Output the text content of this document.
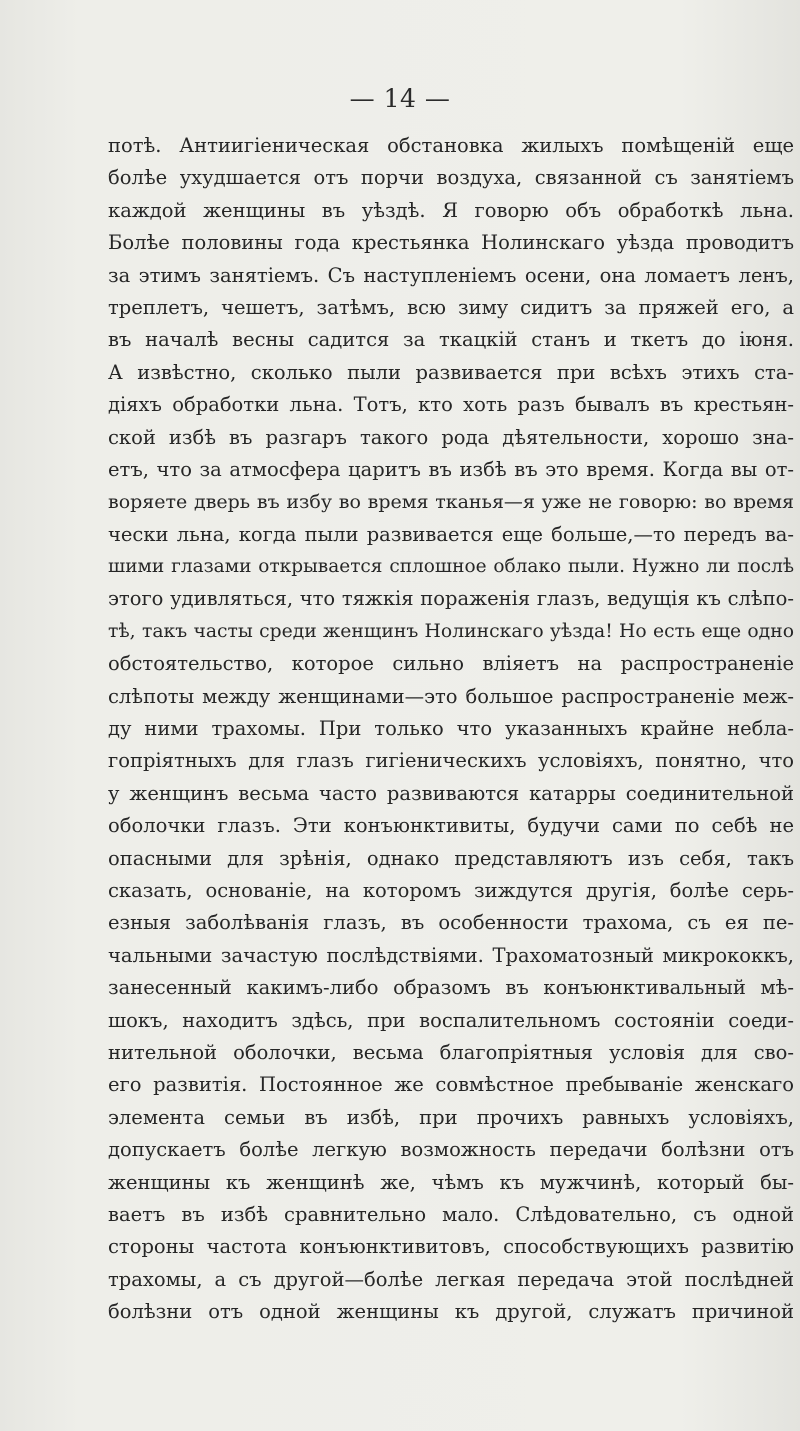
— 14 —
потѣ. Антиигіеническая обстановка жилыхъ помѣщеній еще
болѣе ухудшается отъ порчи воздуха, связанной съ занятіемъ
каждой женщины въ уѣздѣ. Я говорю объ обработкѣ льна.
Болѣе половины года крестьянка Нолинскаго уѣзда проводитъ
за этимъ занятіемъ. Съ наступленіемъ осени, она ломаетъ ленъ,
треплетъ, чешетъ, затѣмъ, всю зиму сидитъ за пряжей его, а
въ началѣ весны садится за ткацкій станъ и ткетъ до іюня.
А извѣстно, сколько пыли развивается при всѣхъ этихъ ста-
діяхъ обработки льна. Тотъ, кто хоть разъ бывалъ въ крестьян-
ской избѣ въ разгаръ такого рода дѣятельности, хорошо зна-
етъ, что за атмосфера царитъ въ избѣ въ это время. Когда вы от-
воряете дверь въ избу во время тканья—я уже не говорю: во время
чески льна, когда пыли развивается еще больше,—то передъ ва-
шими глазами открывается сплошное облако пыли. Нужно ли послѣ
этого удивляться, что тяжкія пораженія глазъ, ведущія къ слѣпо-
тѣ, такъ часты среди женщинъ Нолинскаго уѣзда! Но есть еще одно
обстоятельство, которое сильно вліяетъ на распространеніе
слѣпоты между женщинами—это большое распространеніе меж-
ду ними трахомы. При только что указанныхъ крайне небла-
гопріятныхъ для глазъ гигіеническихъ условіяхъ, понятно, что
у женщинъ весьма часто развиваются катарры соединительной
оболочки глазъ. Эти конъюнктивиты, будучи сами по себѣ не
опасными для зрѣнія, однако представляютъ изъ себя, такъ
сказать, основаніе, на которомъ зиждутся другія, болѣе серь-
езныя заболѣванія глазъ, въ особенности трахома, съ ея пе-
чальными зачастую послѣдствіями. Трахоматозный микрококкъ,
занесенный какимъ-либо образомъ въ конъюнктивальный мѣ-
шокъ, находитъ здѣсь, при воспалительномъ состояніи соеди-
нительной оболочки, весьма благопріятныя условія для сво-
его развитія. Постоянное же совмѣстное пребываніе женскаго
элемента семьи въ избѣ, при прочихъ равныхъ условіяхъ,
допускаетъ болѣе легкую возможность передачи болѣзни отъ
женщины къ женщинѣ же, чѣмъ къ мужчинѣ, который бы-
ваетъ въ избѣ сравнительно мало. Слѣдовательно, съ одной
стороны частота конъюнктивитовъ, способствующихъ развитію
трахомы, а съ другой—болѣе легкая передача этой послѣдней
болѣзни отъ одной женщины къ другой, служатъ причиной
